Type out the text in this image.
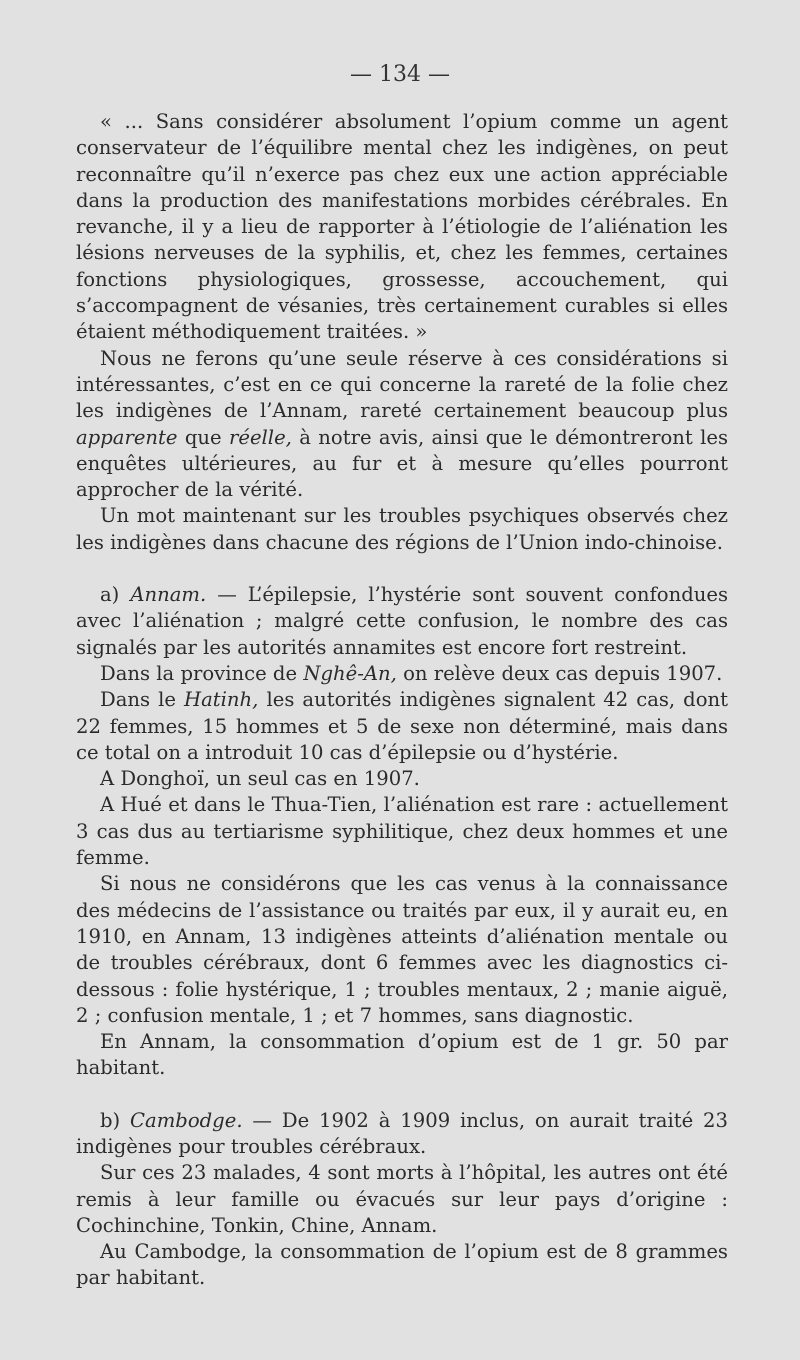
— 134 —

« ... Sans considérer absolument l’opium comme un agent conservateur de l’équilibre mental chez les indigènes, on peut reconnaître qu’il n’exerce pas chez eux une action appréciable dans la production des manifestations morbides cérébrales. En revanche, il y a lieu de rapporter à l’étiologie de l’aliénation les lésions nerveuses de la syphilis, et, chez les femmes, certaines fonctions physiologiques, grossesse, accouchement, qui s’accompagnent de vésanies, très certainement curables si elles étaient méthodiquement traitées. »

Nous ne ferons qu’une seule réserve à ces considérations si intéressantes, c’est en ce qui concerne la rareté de la folie chez les indigènes de l’Annam, rareté certainement beaucoup plus apparente que réelle, à notre avis, ainsi que le démontreront les enquêtes ultérieures, au fur et à mesure qu’elles pourront approcher de la vérité.

Un mot maintenant sur les troubles psychiques observés chez les indigènes dans chacune des régions de l’Union indo-chinoise.

a) Annam. — L’épilepsie, l’hystérie sont souvent confondues avec l’aliénation ; malgré cette confusion, le nombre des cas signalés par les autorités annamites est encore fort restreint.

Dans la province de Nghê-An, on relève deux cas depuis 1907.

Dans le Hatinh, les autorités indigènes signalent 42 cas, dont 22 femmes, 15 hommes et 5 de sexe non déterminé, mais dans ce total on a introduit 10 cas d’épilepsie ou d’hystérie.

A Donghoï, un seul cas en 1907.

A Hué et dans le Thua-Tien, l’aliénation est rare : actuellement 3 cas dus au tertiarisme syphilitique, chez deux hommes et une femme.

Si nous ne considérons que les cas venus à la connaissance des médecins de l’assistance ou traités par eux, il y aurait eu, en 1910, en Annam, 13 indigènes atteints d’aliénation mentale ou de troubles cérébraux, dont 6 femmes avec les diagnostics ci-dessous : folie hystérique, 1 ; troubles mentaux, 2 ; manie aiguë, 2 ; confusion mentale, 1 ; et 7 hommes, sans diagnostic.

En Annam, la consommation d’opium est de 1 gr. 50 par habitant.

b) Cambodge. — De 1902 à 1909 inclus, on aurait traité 23 indigènes pour troubles cérébraux.

Sur ces 23 malades, 4 sont morts à l’hôpital, les autres ont été remis à leur famille ou évacués sur leur pays d’origine : Cochinchine, Tonkin, Chine, Annam.

Au Cambodge, la consommation de l’opium est de 8 grammes par habitant.
